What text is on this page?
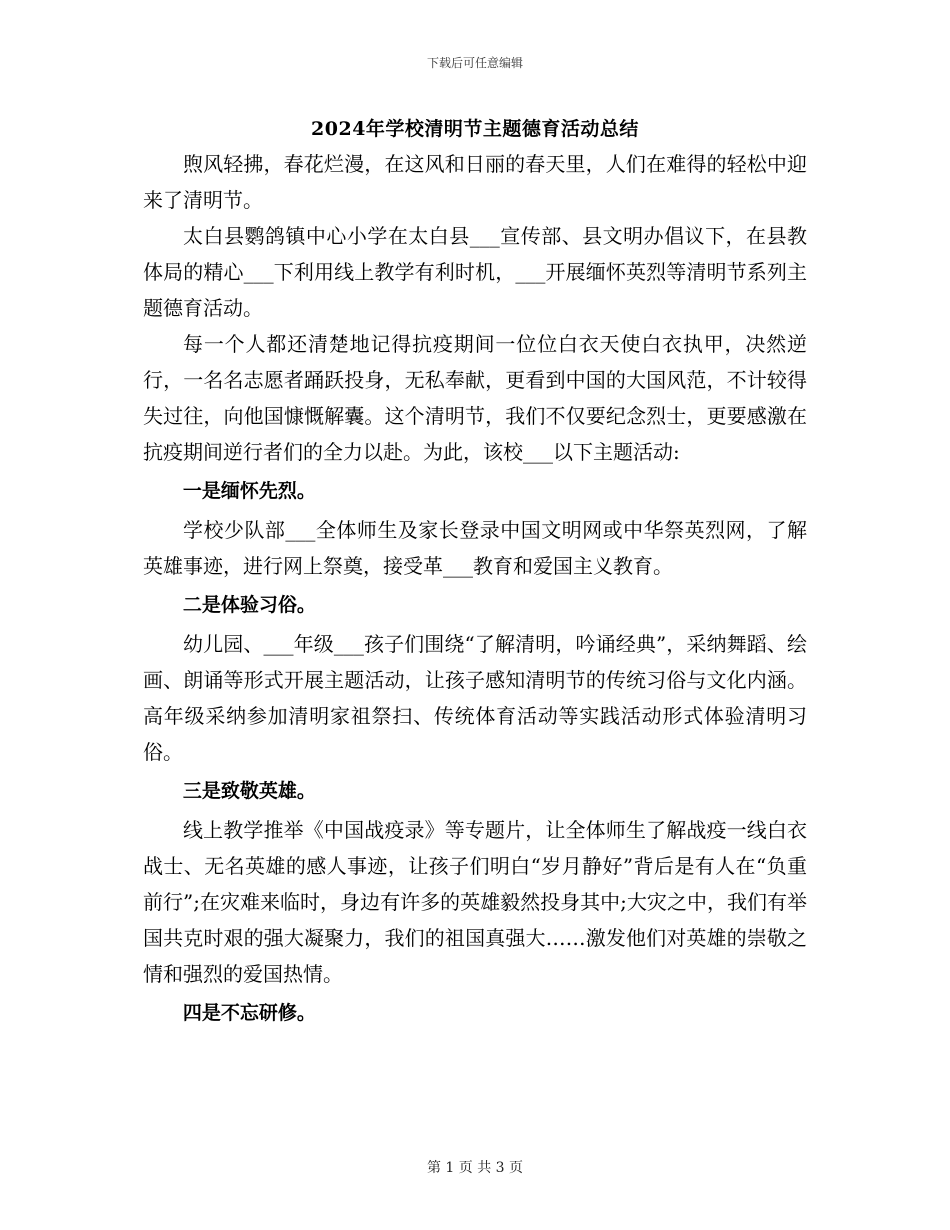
下载后可任意编辑
2024年学校清明节主题德育活动总结

煦风轻拂，春花烂漫，在这风和日丽的春天里，人们在难得的轻松中迎来了清明节。

太白县鹦鸽镇中心小学在太白县___宣传部、县文明办倡议下，在县教体局的精心___下利用线上教学有利时机，___开展缅怀英烈等清明节系列主题德育活动。

每一个人都还清楚地记得抗疫期间一位位白衣天使白衣执甲，决然逆行，一名名志愿者踊跃投身，无私奉献，更看到中国的大国风范，不计较得失过往，向他国慷慨解囊。这个清明节，我们不仅要纪念烈士，更要感激在抗疫期间逆行者们的全力以赴。为此，该校___以下主题活动:

一是缅怀先烈。

学校少队部___全体师生及家长登录中国文明网或中华祭英烈网，了解英雄事迹，进行网上祭奠，接受革___教育和爱国主义教育。

二是体验习俗。

幼儿园、___年级___孩子们围绕“了解清明，吟诵经典”，采纳舞蹈、绘画、朗诵等形式开展主题活动，让孩子感知清明节的传统习俗与文化内涵。高年级采纳参加清明家祖祭扫、传统体育活动等实践活动形式体验清明习俗。

三是致敬英雄。

线上教学推举《中国战疫录》等专题片，让全体师生了解战疫一线白衣战士、无名英雄的感人事迹，让孩子们明白“岁月静好”背后是有人在“负重前行”;在灾难来临时，身边有许多的英雄毅然投身其中;大灾之中，我们有举国共克时艰的强大凝聚力，我们的祖国真强大……激发他们对英雄的崇敬之情和强烈的爱国热情。

四是不忘研修。

第 1 页 共 3 页
